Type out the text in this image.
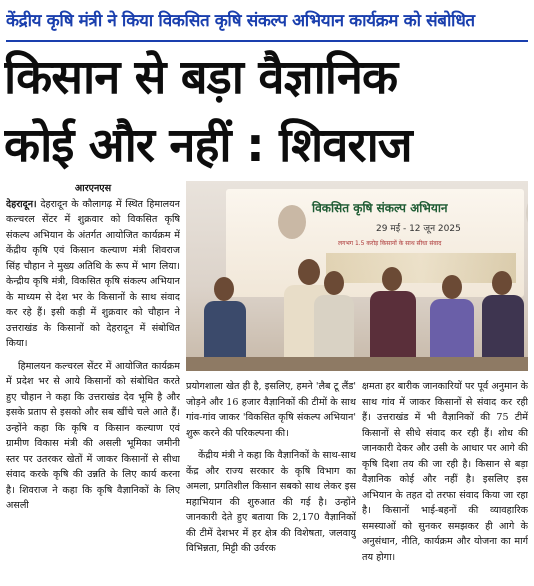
केंद्रीय कृषि मंत्री ने किया विकसित कृषि संकल्प अभियान कार्यक्रम को संबोधित
किसान से बड़ा वैज्ञानिक
कोई और नहीं : शिवराज
आरएनएस

देहरादून। देहरादून के कौलागढ़ में स्थित हिमालयन कल्चरल सेंटर में शुक्रवार को विकसित कृषि संकल्प अभियान के अंतर्गत आयोजित कार्यक्रम में केंद्रीय कृषि एवं किसान कल्याण मंत्री शिवराज सिंह चौहान ने मुख्य अतिथि के रूप में भाग लिया। केन्द्रीय कृषि मंत्री, विकसित कृषि संकल्प अभियान के माध्यम से देश भर के किसानों के साथ संवाद कर रहे हैं। इसी कड़ी में शुक्रवार को चौहान ने उत्तराखंड के किसानों को देहरादून में संबोधित किया।

हिमालयन कल्चरल सेंटर में आयोजित कार्यक्रम में प्रदेश भर से आये किसानों को संबोधित करते हुए चौहान ने कहा कि उत्तराखंड देव भूमि है और इसके प्रताप से इसको और सब खींचे चले आते हैं। उन्होंने कहा कि कृषि व किसान कल्याण एवं ग्रामीण विकास मंत्री की असली भूमिका जमीनी स्तर पर उतरकर खेतों में जाकर किसानों से सीधा संवाद करके कृषि की उन्नति के लिए कार्य करना है। शिवराज ने कहा कि कृषि वैज्ञानिकों के लिए असली

विकसित कृषि संकल्प अभियान
29 मई - 12 जून 2025
लगभग 1.5 करोड़ किसानों के साथ सीधा संवाद

प्रयोगशाला खेत ही है, इसलिए, हमने 'लैब टू लैंड' जोड़ने और 16 हजार वैज्ञानिकों की टीमों के साथ गांव-गांव जाकर 'विकसित कृषि संकल्प अभियान' शुरू करने की परिकल्पना की।

केंद्रीय मंत्री ने कहा कि वैज्ञानिकों के साथ-साथ केंद्र और राज्य सरकार के कृषि विभाग का अमला, प्रगतिशील किसान सबको साथ लेकर इस महाभियान की शुरुआत की गई है। उन्होंने जानकारी देते हुए बताया कि 2,170 वैज्ञानिकों की टीमें देशभर में हर क्षेत्र की विशेषता, जलवायु विभिन्नता, मिट्टी की उर्वरक

क्षमता हर बारीक जानकारियों पर पूर्व अनुमान के साथ गांव में जाकर किसानों से संवाद कर रही हैं। उत्तराखंड में भी वैज्ञानिकों की 75 टीमें किसानों से सीधे संवाद कर रही हैं। शोध की जानकारी देकर और उसी के आधार पर आगे की कृषि दिशा तय की जा रही है। किसान से बड़ा वैज्ञानिक कोई और नहीं है। इसलिए इस अभियान के तहत दो तरफा संवाद किया जा रहा है। किसानों भाई-बहनों की व्यावहारिक समस्याओं को सुनकर समझकर ही आगे के अनुसंधान, नीति, कार्यक्रम और योजना का मार्ग तय होगा।
